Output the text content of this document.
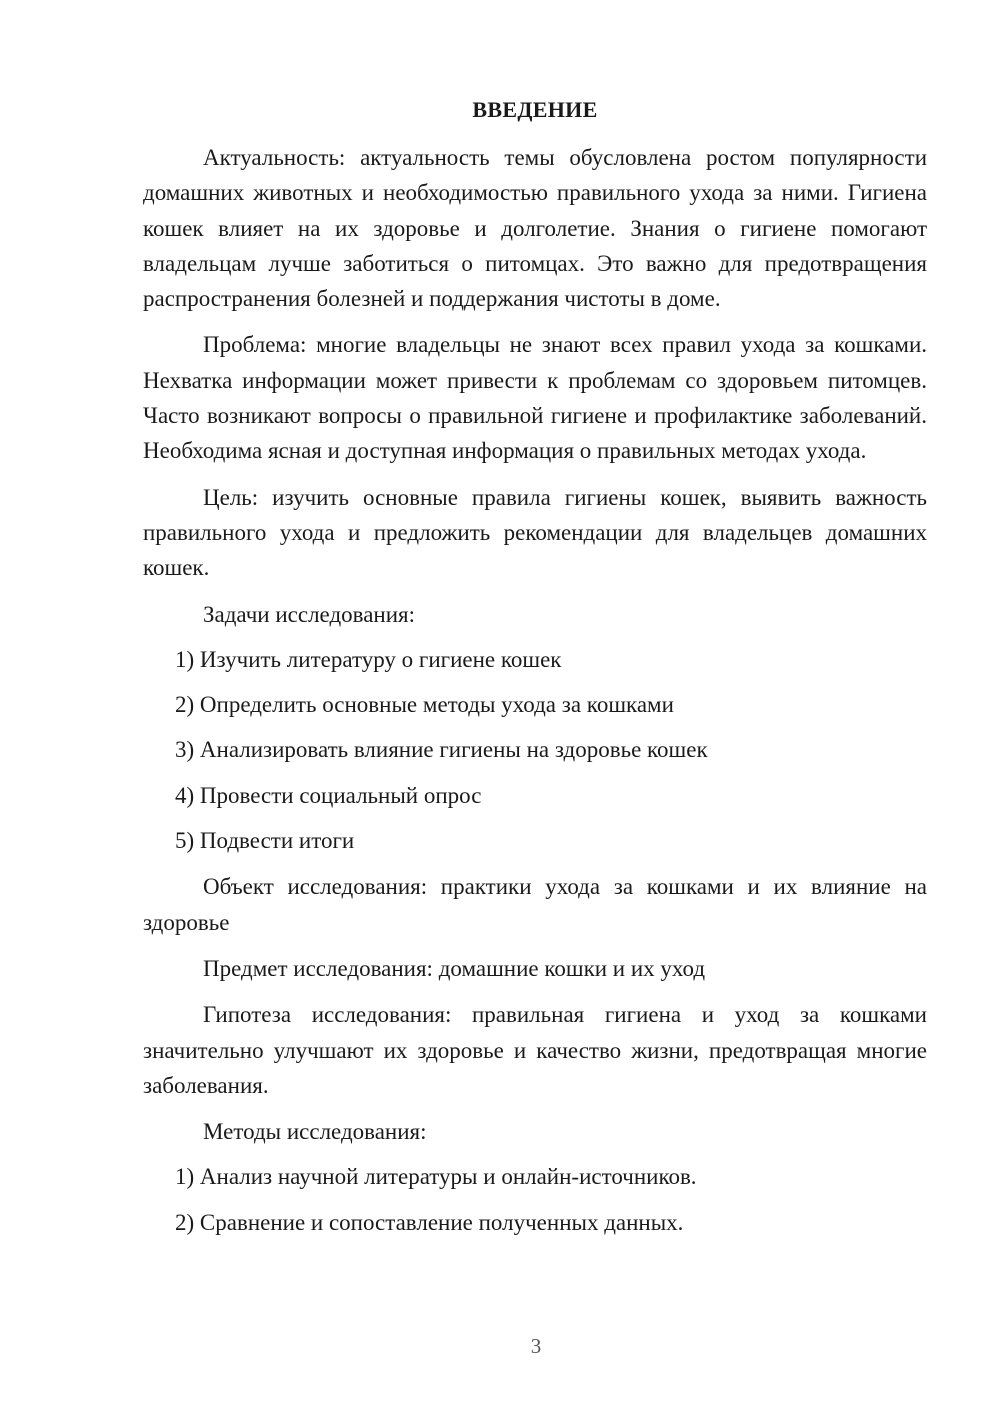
ВВЕДЕНИЕ

Актуальность: актуальность темы обусловлена ростом популярности домашних животных и необходимостью правильного ухода за ними. Гигиена кошек влияет на их здоровье и долголетие. Знания о гигиене помогают владельцам лучше заботиться о питомцах. Это важно для предотвращения распространения болезней и поддержания чистоты в доме.

Проблема: многие владельцы не знают всех правил ухода за кошками. Нехватка информации может привести к проблемам со здоровьем питомцев. Часто возникают вопросы о правильной гигиене и профилактике заболеваний. Необходима ясная и доступная информация о правильных методах ухода.

Цель: изучить основные правила гигиены кошек, выявить важность правильного ухода и предложить рекомендации для владельцев домашних кошек.

Задачи исследования:

1) Изучить литературу о гигиене кошек
2) Определить основные методы ухода за кошками
3) Анализировать влияние гигиены на здоровье кошек
4) Провести социальный опрос
5) Подвести итоги

Объект исследования: практики ухода за кошками и их влияние на здоровье

Предмет исследования: домашние кошки и их уход

Гипотеза исследования: правильная гигиена и уход за кошками значительно улучшают их здоровье и качество жизни, предотвращая многие заболевания.

Методы исследования:

1) Анализ научной литературы и онлайн-источников.
2) Сравнение и сопоставление полученных данных.
3
